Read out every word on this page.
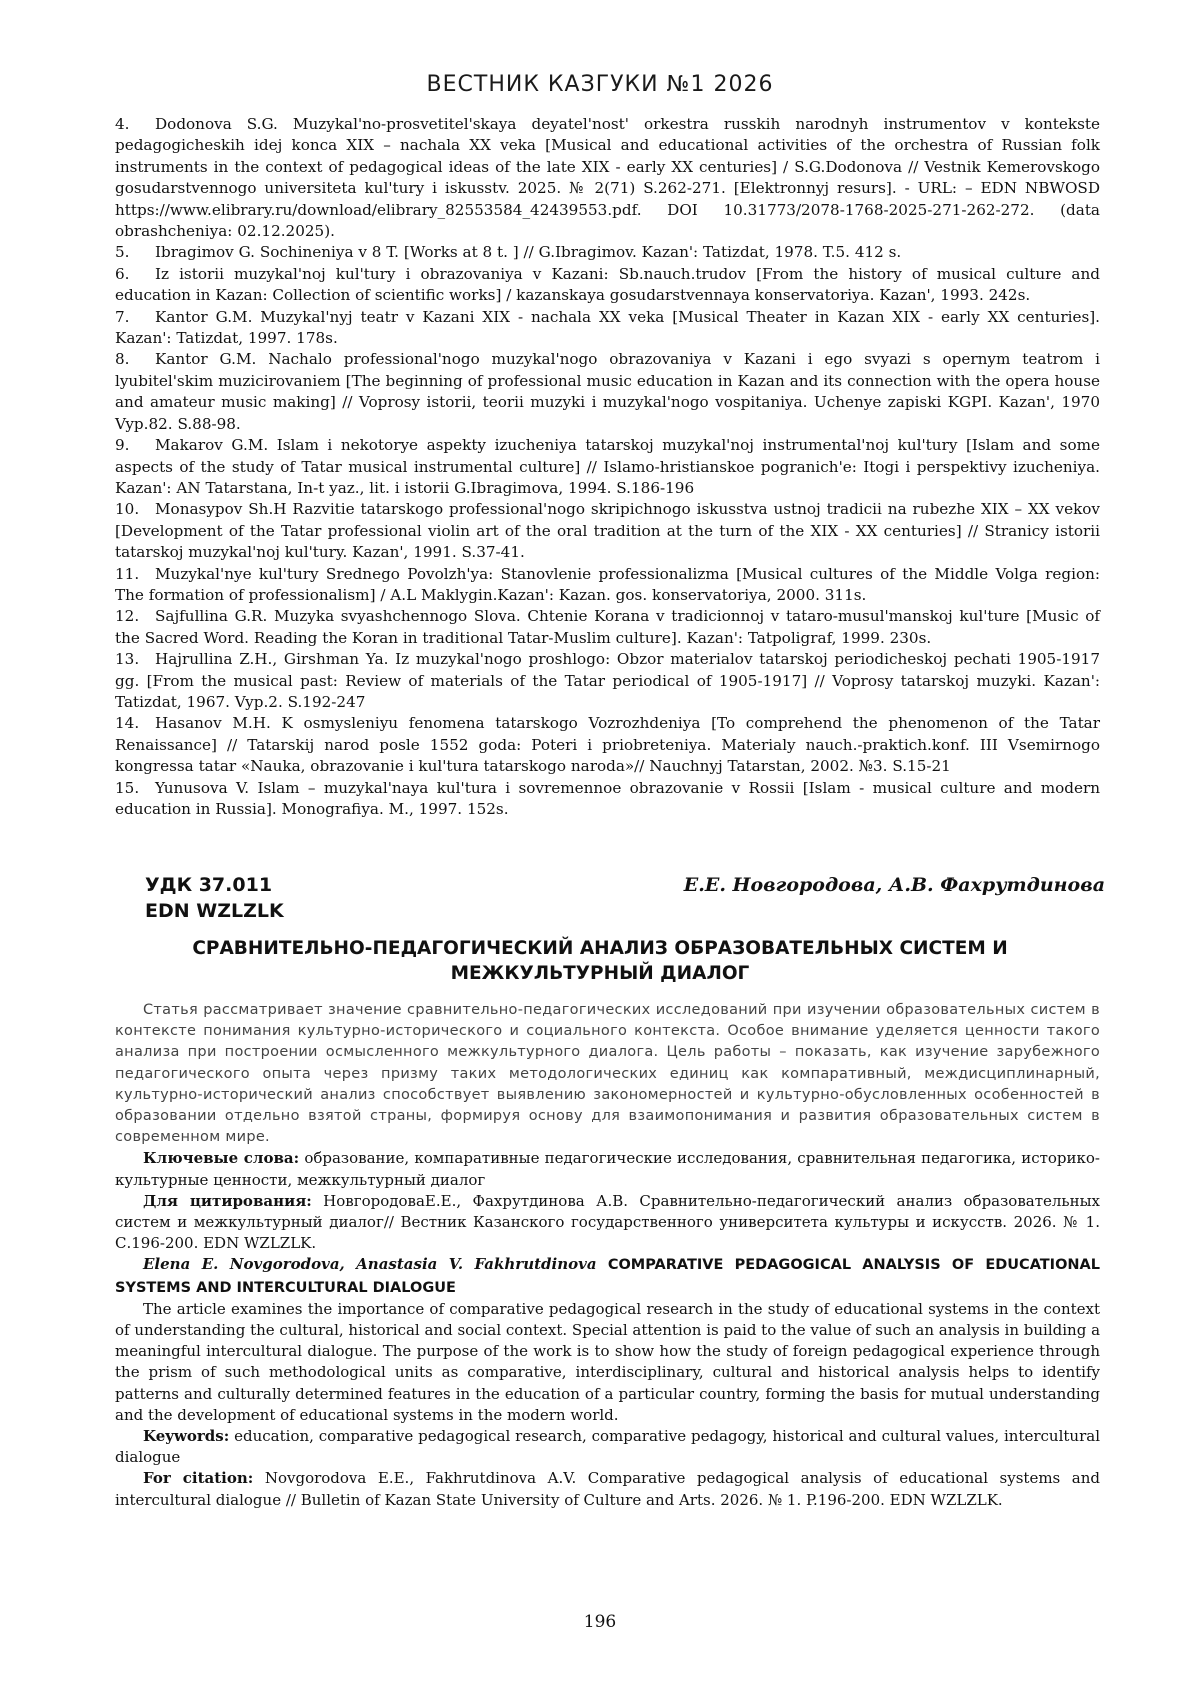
ВЕСТНИК КАЗГУКИ №1 2026

4. Dodonova S.G. Muzykal'no-prosvetitel'skaya deyatel'nost' orkestra russkih narodnyh instrumentov v kontekste pedagogicheskih idej konca XIX – nachala XX veka [Musical and educational activities of the orchestra of Russian folk instruments in the context of pedagogical ideas of the late XIX - early XX centuries] / S.G.Dodonova // Vestnik Kemerovskogo gosudarstvennogo universiteta kul'tury i iskusstv. 2025. № 2(71) S.262-271. [Elektronnyj resurs]. - URL: – EDN NBWOSD https://www.elibrary.ru/download/elibrary_82553584_42439553.pdf. DOI 10.31773/2078-1768-2025-271-262-272. (data obrashcheniya: 02.12.2025).

5. Ibragimov G. Sochineniya v 8 T. [Works at 8 t. ] // G.Ibragimov. Kazan': Tatizdat, 1978. T.5. 412 s.

6. Iz istorii muzykal'noj kul'tury i obrazovaniya v Kazani: Sb.nauch.trudov [From the history of musical culture and education in Kazan: Collection of scientific works] / kazanskaya gosudarstvennaya konservatoriya. Kazan', 1993. 242s.

7. Kantor G.M. Muzykal'nyj teatr v Kazani XIX - nachala XX veka [Musical Theater in Kazan XIX - early XX centuries]. Kazan': Tatizdat, 1997. 178s.

8. Kantor G.M. Nachalo professional'nogo muzykal'nogo obrazovaniya v Kazani i ego svyazi s opernym teatrom i lyubitel'skim muzicirovaniem [The beginning of professional music education in Kazan and its connection with the opera house and amateur music making] // Voprosy istorii, teorii muzyki i muzykal'nogo vospitaniya. Uchenye zapiski KGPI. Kazan', 1970 Vyp.82. S.88-98.

9. Makarov G.M. Islam i nekotorye aspekty izucheniya tatarskoj muzykal'noj instrumental'noj kul'tury [Islam and some aspects of the study of Tatar musical instrumental culture] // Islamo-hristianskoe pogranich'e: Itogi i perspektivy izucheniya. Kazan': AN Tatarstana, In-t yaz., lit. i istorii G.Ibragimova, 1994. S.186-196

10. Monasypov Sh.H Razvitie tatarskogo professional'nogo skripichnogo iskusstva ustnoj tradicii na rubezhe XIX – XX vekov [Development of the Tatar professional violin art of the oral tradition at the turn of the XIX - XX centuries] // Stranicy istorii tatarskoj muzykal'noj kul'tury. Kazan', 1991. S.37-41.

11. Muzykal'nye kul'tury Srednego Povolzh'ya: Stanovlenie professionalizma [Musical cultures of the Middle Volga region: The formation of professionalism] / A.L Maklygin.Kazan': Kazan. gos. konservatoriya, 2000. 311s.

12. Sajfullina G.R. Muzyka svyashchennogo Slova. Chtenie Korana v tradicionnoj v tataro-musul'manskoj kul'ture [Music of the Sacred Word. Reading the Koran in traditional Tatar-Muslim culture]. Kazan': Tatpoligraf, 1999. 230s.

13. Hajrullina Z.H., Girshman Ya. Iz muzykal'nogo proshlogo: Obzor materialov tatarskoj periodicheskoj pechati 1905-1917 gg. [From the musical past: Review of materials of the Tatar periodical of 1905-1917] // Voprosy tatarskoj muzyki. Kazan': Tatizdat, 1967. Vyp.2. S.192-247

14. Hasanov M.H. K osmysleniyu fenomena tatarskogo Vozrozhdeniya [To comprehend the phenomenon of the Tatar Renaissance] // Tatarskij narod posle 1552 goda: Poteri i priobreteniya. Materialy nauch.-praktich.konf. III Vsemirnogo kongressa tatar «Nauka, obrazovanie i kul'tura tatarskogo naroda»// Nauchnyj Tatarstan, 2002. №3. S.15-21

15. Yunusova V. Islam – muzykal'naya kul'tura i sovremennoe obrazovanie v Rossii [Islam - musical culture and modern education in Russia]. Monografiya. M., 1997. 152s.

УДК 37.011
EDN WZLZLK
Е.Е. Новгородова, А.В. Фахрутдинова
СРАВНИТЕЛЬНО-ПЕДАГОГИЧЕСКИЙ АНАЛИЗ ОБРАЗОВАТЕЛЬНЫХ СИСТЕМ И МЕЖКУЛЬТУРНЫЙ ДИАЛОГ

Статья рассматривает значение сравнительно-педагогических исследований при изучении образовательных систем в контексте понимания культурно-исторического и социального контекста. Особое внимание уделяется ценности такого анализа при построении осмысленного межкультурного диалога. Цель работы – показать, как изучение зарубежного педагогического опыта через призму таких методологических единиц как компаративный, междисциплинарный, культурно-исторический анализ способствует выявлению закономерностей и культурно-обусловленных особенностей в образовании отдельно взятой страны, формируя основу для взаимопонимания и развития образовательных систем в современном мире.

Ключевые слова: образование, компаративные педагогические исследования, сравнительная педагогика, историко-культурные ценности, межкультурный диалог

Для цитирования: НовгородоваЕ.Е., Фахрутдинова А.В. Сравнительно-педагогический анализ образовательных систем и межкультурный диалог// Вестник Казанского государственного университета культуры и искусств. 2026. № 1. С.196-200. EDN WZLZLK.

Elena E. Novgorodova, Anastasia V. Fakhrutdinova COMPARATIVE PEDAGOGICAL ANALYSIS OF EDUCATIONAL SYSTEMS AND INTERCULTURAL DIALOGUE

The article examines the importance of comparative pedagogical research in the study of educational systems in the context of understanding the cultural, historical and social context. Special attention is paid to the value of such an analysis in building a meaningful intercultural dialogue. The purpose of the work is to show how the study of foreign pedagogical experience through the prism of such methodological units as comparative, interdisciplinary, cultural and historical analysis helps to identify patterns and culturally determined features in the education of a particular country, forming the basis for mutual understanding and the development of educational systems in the modern world.

Keywords: education, comparative pedagogical research, comparative pedagogy, historical and cultural values, intercultural dialogue

For citation: Novgorodova E.E., Fakhrutdinova A.V. Comparative pedagogical analysis of educational systems and intercultural dialogue // Bulletin of Kazan State University of Culture and Arts. 2026. № 1. P.196-200. EDN WZLZLK.

196
